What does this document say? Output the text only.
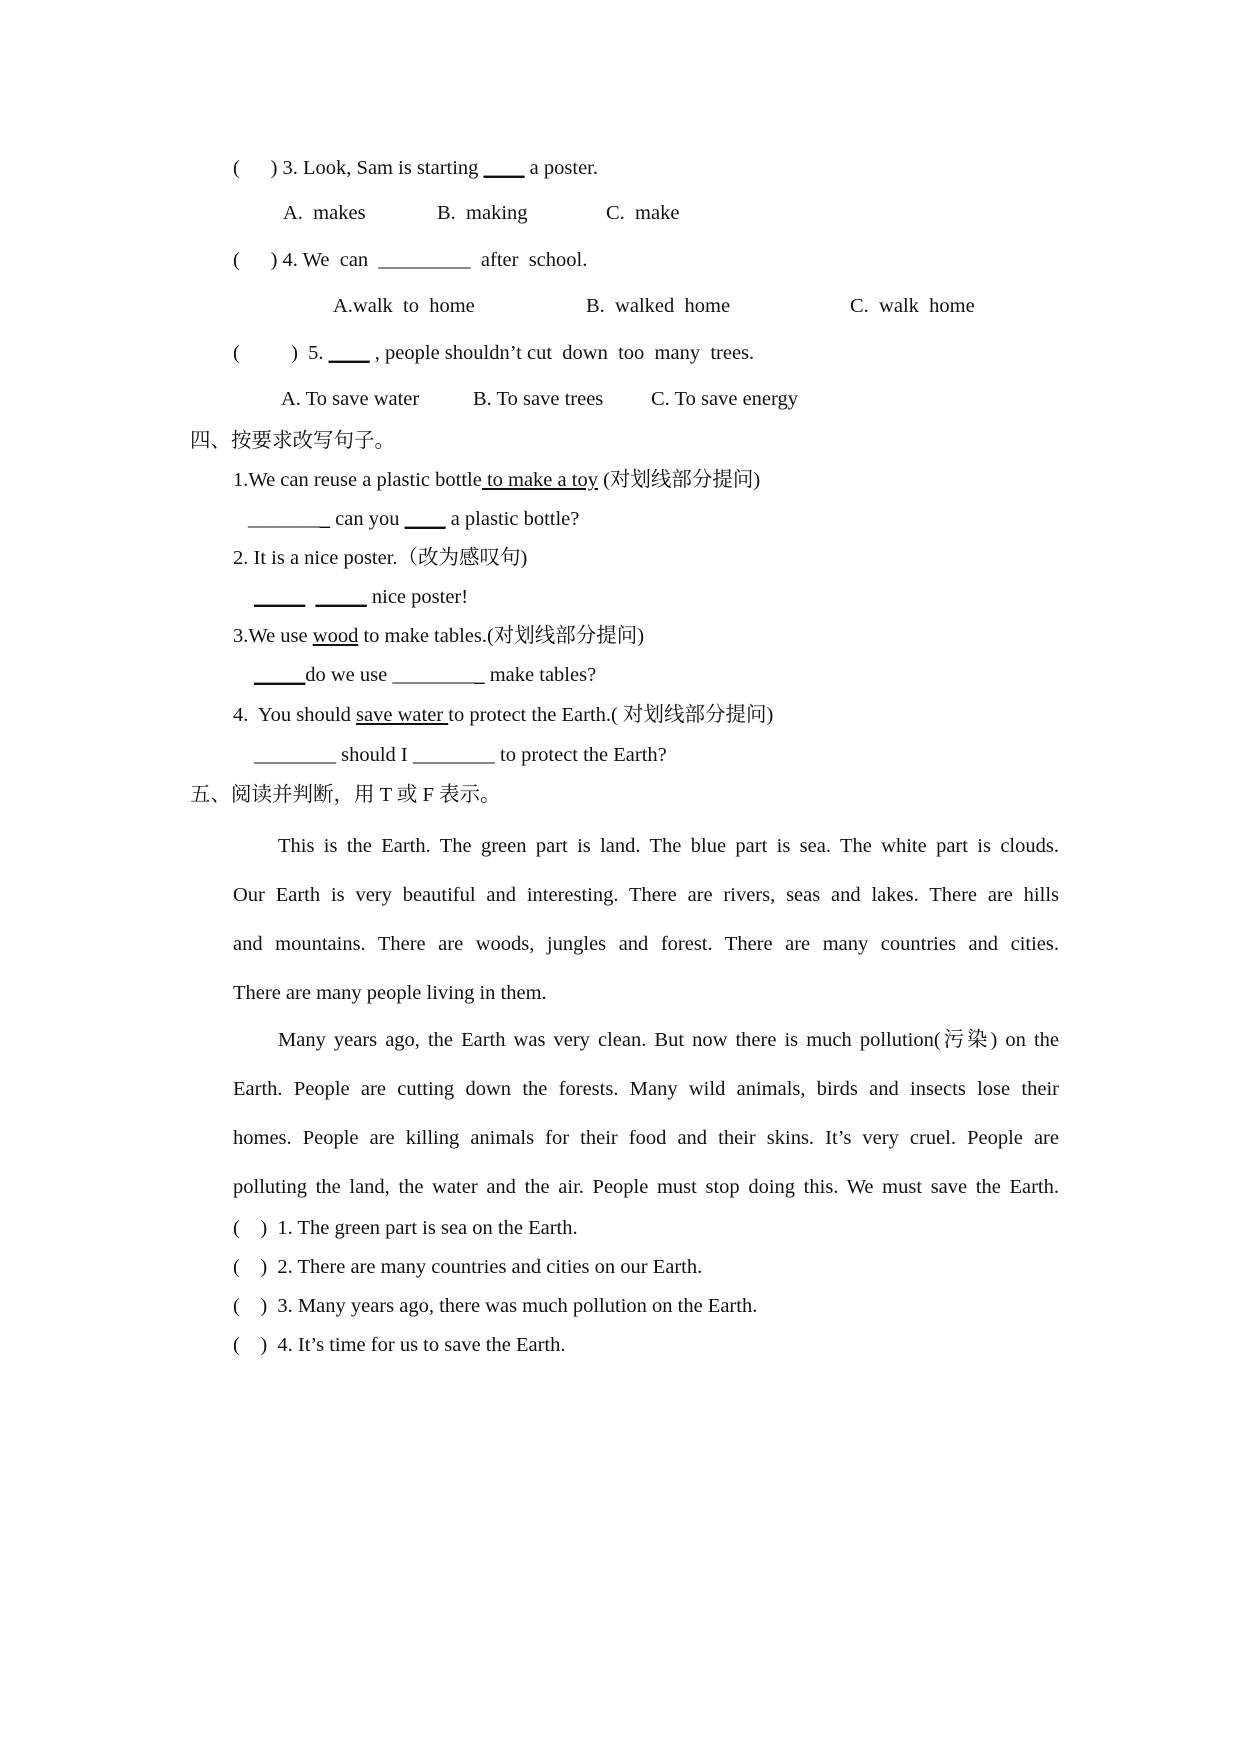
(      ) 3. Look, Sam is starting ____ a poster.
A.  makes	B.  making	C.  make
(      ) 4. We  can  _________  after  school.
A.walk  to  home	B.  walked  home	C.  walk  home
(          )  5. ____ , people shouldn’t cut  down  too  many  trees.
A. To save water	B. To save trees C. To save energy
四、按要求改写句子。
1.We can reuse a plastic bottle to make a toy (对划线部分提问)
________ can you ____ a plastic bottle?
2. It is a nice poster.（改为感叹句)
_____ _____ nice poster!
3.We use wood to make tables.(对划线部分提问)
_____do we use _________ make tables?
4.  You should save water to protect the Earth.( 对划线部分提问)
________ should I ________ to protect the Earth?
五、阅读并判断，用 T 或 F 表示。
This is the Earth. The green part is land. The blue part is sea. The white part is clouds.
Our Earth is very beautiful and interesting. There are rivers, seas and lakes. There are hills
and mountains. There are woods, jungles and forest. There are many countries and cities.
There are many people living in them.
Many years ago, the Earth was very clean. But now there is much pollution(污染) on the
Earth. People are cutting down the forests. Many wild animals, birds and insects lose their
homes. People are killing animals for their food and their skins. It’s very cruel. People are
polluting the land, the water and the air. People must stop doing this. We must save the Earth.
(    )  1. The green part is sea on the Earth.
(    )  2. There are many countries and cities on our Earth.
(    )  3. Many years ago, there was much pollution on the Earth.
(    )  4. It’s time for us to save the Earth.
